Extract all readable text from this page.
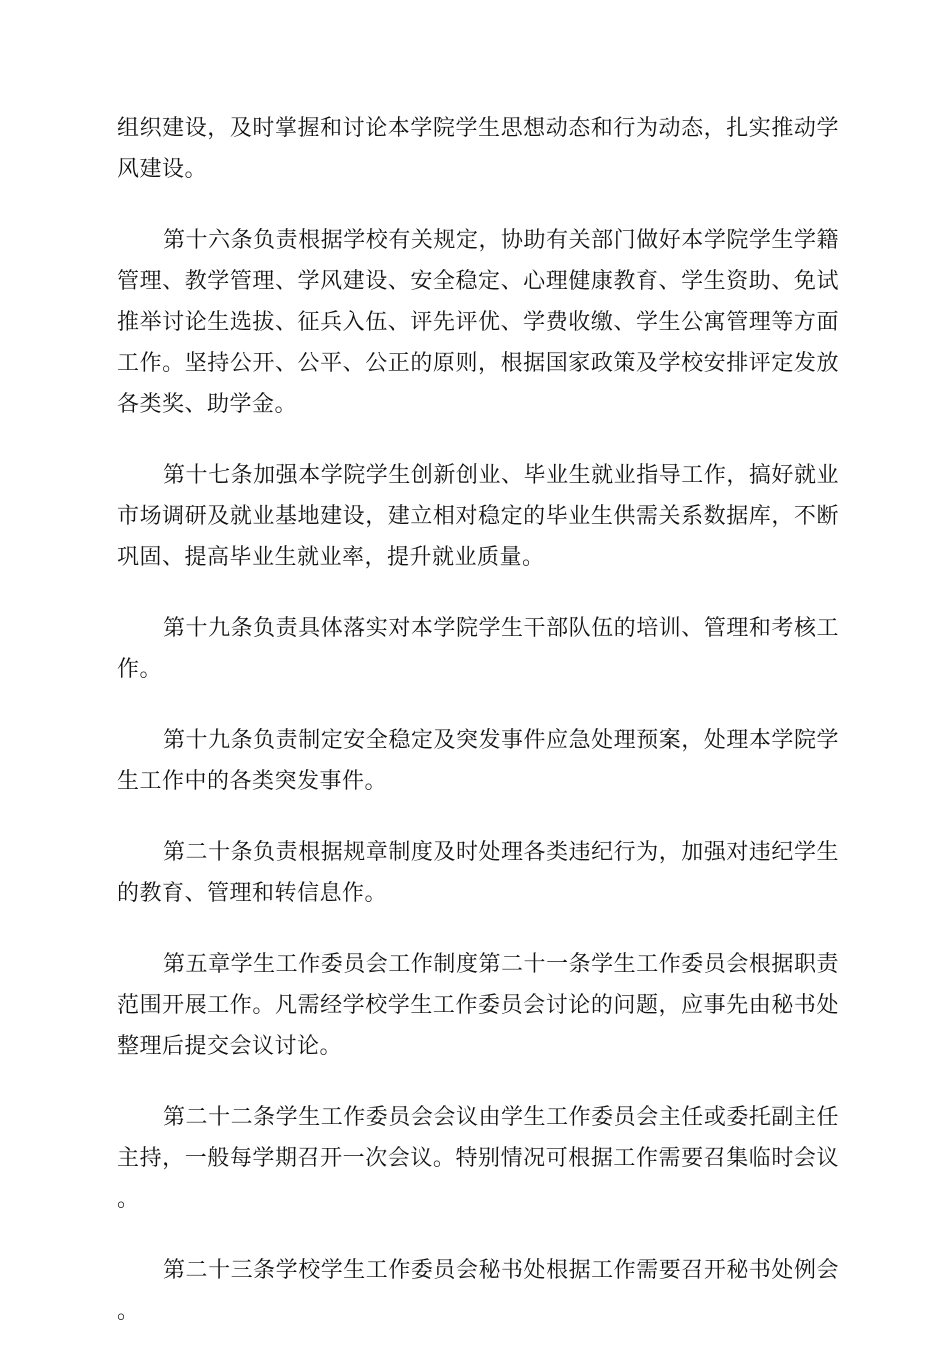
组织建设，及时掌握和讨论本学院学生思想动态和行为动态，扎实推动学风建设。

第十六条负责根据学校有关规定，协助有关部门做好本学院学生学籍管理、教学管理、学风建设、安全稳定、心理健康教育、学生资助、免试推举讨论生选拔、征兵入伍、评先评优、学费收缴、学生公寓管理等方面工作。坚持公开、公平、公正的原则，根据国家政策及学校安排评定发放各类奖、助学金。

第十七条加强本学院学生创新创业、毕业生就业指导工作，搞好就业市场调研及就业基地建设，建立相对稳定的毕业生供需关系数据库，不断巩固、提高毕业生就业率，提升就业质量。

第十九条负责具体落实对本学院学生干部队伍的培训、管理和考核工作。

第十九条负责制定安全稳定及突发事件应急处理预案，处理本学院学生工作中的各类突发事件。

第二十条负责根据规章制度及时处理各类违纪行为，加强对违纪学生的教育、管理和转信息作。

第五章学生工作委员会工作制度第二十一条学生工作委员会根据职责范围开展工作。凡需经学校学生工作委员会讨论的问题，应事先由秘书处整理后提交会议讨论。

第二十二条学生工作委员会会议由学生工作委员会主任或委托副主任主持，一般每学期召开一次会议。特别情况可根据工作需要召集临时会议。

第二十三条学校学生工作委员会秘书处根据工作需要召开秘书处例会。
